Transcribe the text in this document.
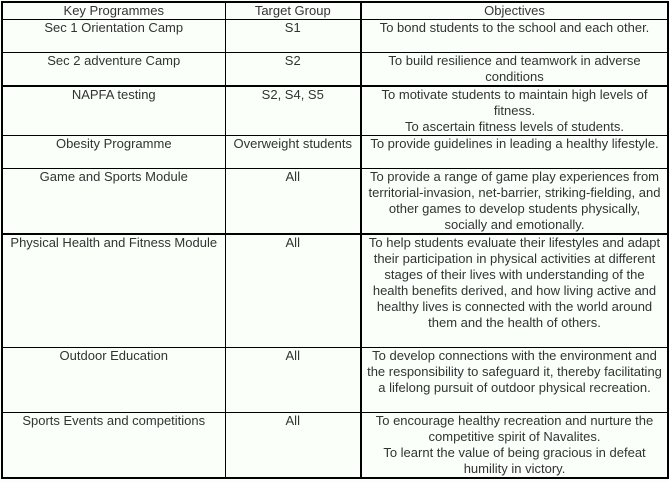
Key Programmes	Target Group	Objectives
Sec 1 Orientation Camp	S1	To bond students to the school and each other.

Sec 2 adventure Camp	S2	To build resilience and teamwork in adverse conditions

NAPFA testing	S2, S4, S5	To motivate students to maintain high levels of fitness.
To ascertain fitness levels of students.

Obesity Programme	Overweight students	To provide guidelines in leading a healthy lifestyle.

Game and Sports Module	All	To provide a range of game play experiences from territorial-invasion, net-barrier, striking-fielding, and other games to develop students physically, socially and emotionally.

Physical Health and Fitness Module	All	To help students evaluate their lifestyles and adapt their participation in physical activities at different stages of their lives with understanding of the health benefits derived, and how living active and healthy lives is connected with the world around them and the health of others.

Outdoor Education	All	To develop connections with the environment and the responsibility to safeguard it, thereby facilitating a lifelong pursuit of outdoor physical recreation.

Sports Events and competitions	All	To encourage healthy recreation and nurture the competitive spirit of Navalites.
To learnt the value of being gracious in defeat humility in victory.
